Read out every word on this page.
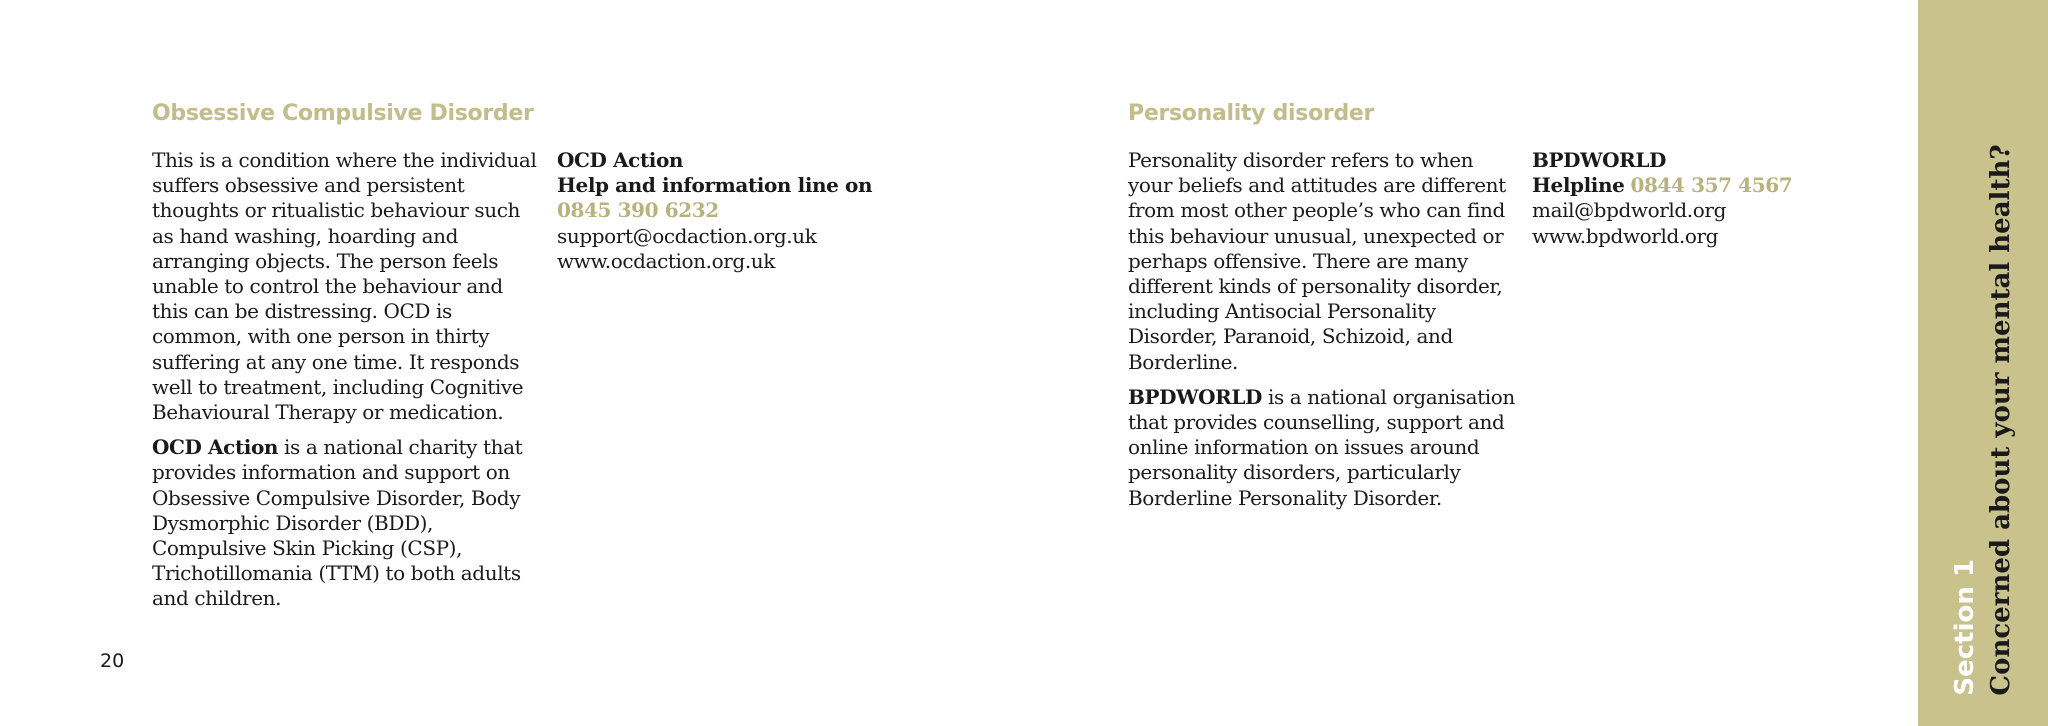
Obsessive Compulsive Disorder

This is a condition where the individual
suffers obsessive and persistent
thoughts or ritualistic behaviour such
as hand washing, hoarding and
arranging objects. The person feels
unable to control the behaviour and
this can be distressing. OCD is
common, with one person in thirty
suffering at any one time. It responds
well to treatment, including Cognitive
Behavioural Therapy or medication.

OCD Action is a national charity that
provides information and support on
Obsessive Compulsive Disorder, Body
Dysmorphic Disorder (BDD),
Compulsive Skin Picking (CSP),
Trichotillomania (TTM) to both adults
and children.

OCD Action
Help and information line on
0845 390 6232
support@ocdaction.org.uk
www.ocdaction.org.uk
Personality disorder

Personality disorder refers to when
your beliefs and attitudes are different
from most other people’s who can find
this behaviour unusual, unexpected or
perhaps offensive. There are many
different kinds of personality disorder,
including Antisocial Personality
Disorder, Paranoid, Schizoid, and
Borderline.

BPDWORLD is a national organisation
that provides counselling, support and
online information on issues around
personality disorders, particularly
Borderline Personality Disorder.

BPDWORLD
Helpline 0844 357 4567
mail@bpdworld.org
www.bpdworld.org
20	Section 1 Concerned about your mental health?
